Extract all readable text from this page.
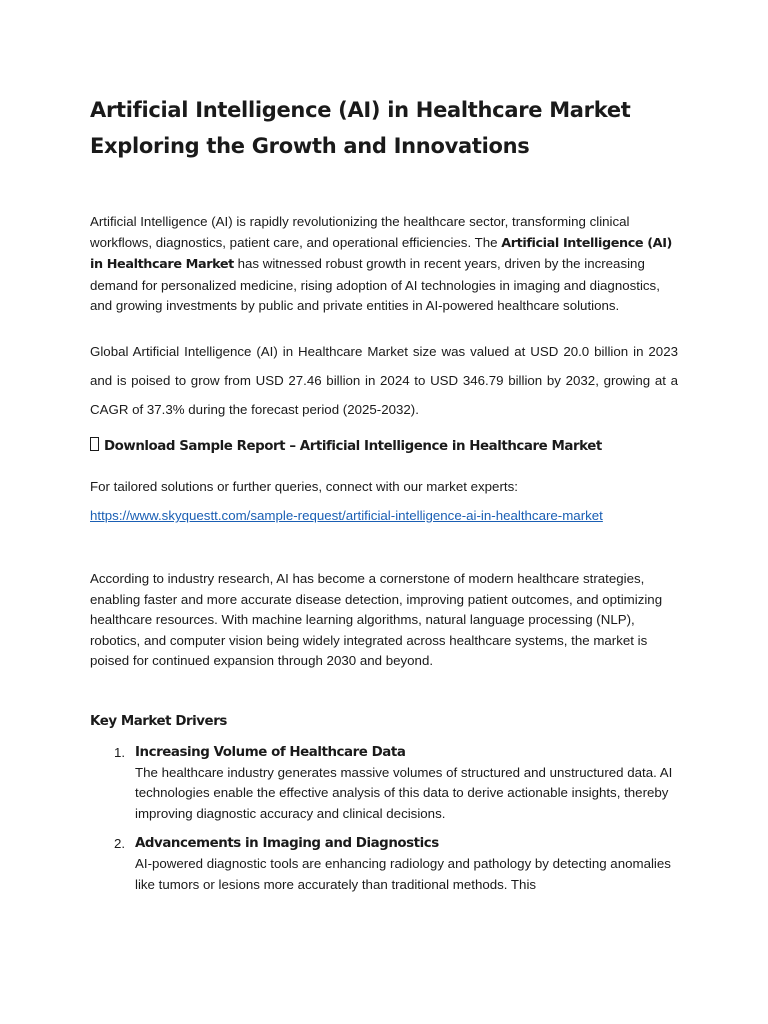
Artificial Intelligence (AI) in Healthcare Market
Exploring the Growth and Innovations

Artificial Intelligence (AI) is rapidly revolutionizing the healthcare sector, transforming clinical workflows, diagnostics, patient care, and operational efficiencies. The Artificial Intelligence (AI) in Healthcare Market has witnessed robust growth in recent years, driven by the increasing demand for personalized medicine, rising adoption of AI technologies in imaging and diagnostics, and growing investments by public and private entities in AI-powered healthcare solutions.

Global Artificial Intelligence (AI) in Healthcare Market size was valued at USD 20.0 billion in 2023 and is poised to grow from USD 27.46 billion in 2024 to USD 346.79 billion by 2032, growing at a CAGR of 37.3% during the forecast period (2025-2032).

Download Sample Report – Artificial Intelligence in Healthcare Market

For tailored solutions or further queries, connect with our market experts:

https://www.skyquestt.com/sample-request/artificial-intelligence-ai-in-healthcare-market

According to industry research, AI has become a cornerstone of modern healthcare strategies, enabling faster and more accurate disease detection, improving patient outcomes, and optimizing healthcare resources. With machine learning algorithms, natural language processing (NLP), robotics, and computer vision being widely integrated across healthcare systems, the market is poised for continued expansion through 2030 and beyond.

Key Market Drivers
1. Increasing Volume of Healthcare Data

The healthcare industry generates massive volumes of structured and unstructured data. AI technologies enable the effective analysis of this data to derive actionable insights, thereby improving diagnostic accuracy and clinical decisions.

2. Advancements in Imaging and Diagnostics

AI-powered diagnostic tools are enhancing radiology and pathology by detecting anomalies like tumors or lesions more accurately than traditional methods. This
